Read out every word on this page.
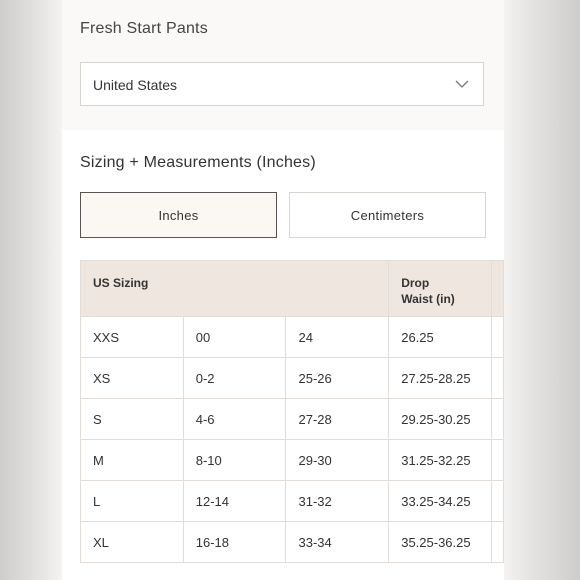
Fresh Start Pants
United States
Sizing + Measurements (Inches)
Inches	Centimeters
US Sizing			Drop
Waist (in)	
XXS	00	24	26.25	
XS	0-2	25-26	27.25-28.25	
S	4-6	27-28	29.25-30.25	
M	8-10	29-30	31.25-32.25	
L	12-14	31-32	33.25-34.25	
XL	16-18	33-34	35.25-36.25	
